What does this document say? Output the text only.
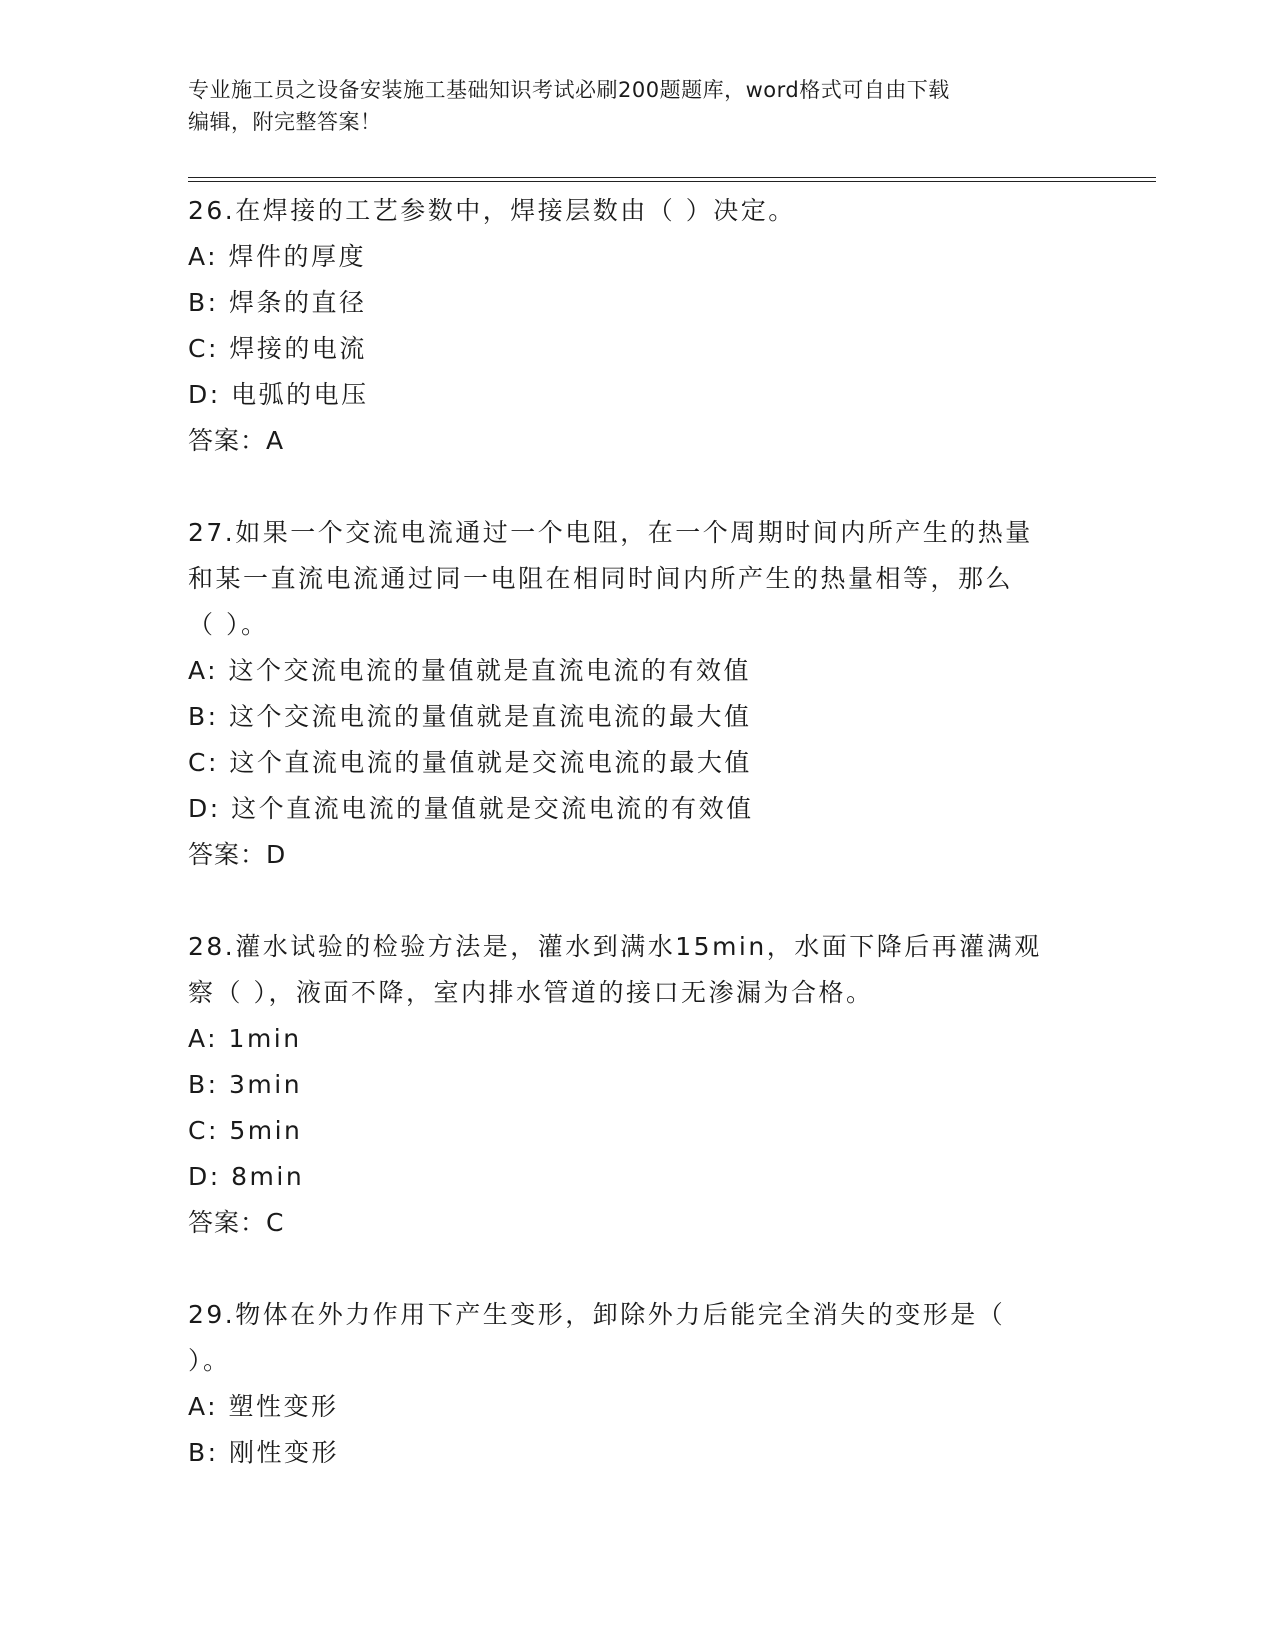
专业施工员之设备安装施工基础知识考试必刷200题题库，word格式可自由下载
编辑，附完整答案！

26.在焊接的工艺参数中，焊接层数由（ ）决定。

A: 焊件的厚度

B: 焊条的直径

C: 焊接的电流

D: 电弧的电压

答案：A

27.如果一个交流电流通过一个电阻，在一个周期时间内所产生的热量

和某一直流电流通过同一电阻在相同时间内所产生的热量相等，那么

（ ）。

A: 这个交流电流的量值就是直流电流的有效值

B: 这个交流电流的量值就是直流电流的最大值

C: 这个直流电流的量值就是交流电流的最大值

D: 这个直流电流的量值就是交流电流的有效值

答案：D

28.灌水试验的检验方法是，灌水到满水15min，水面下降后再灌满观

察（ ），液面不降，室内排水管道的接口无渗漏为合格。

A: 1min

B: 3min

C: 5min

D: 8min

答案：C

29.物体在外力作用下产生变形，卸除外力后能完全消失的变形是（

）。

A: 塑性变形

B: 刚性变形
